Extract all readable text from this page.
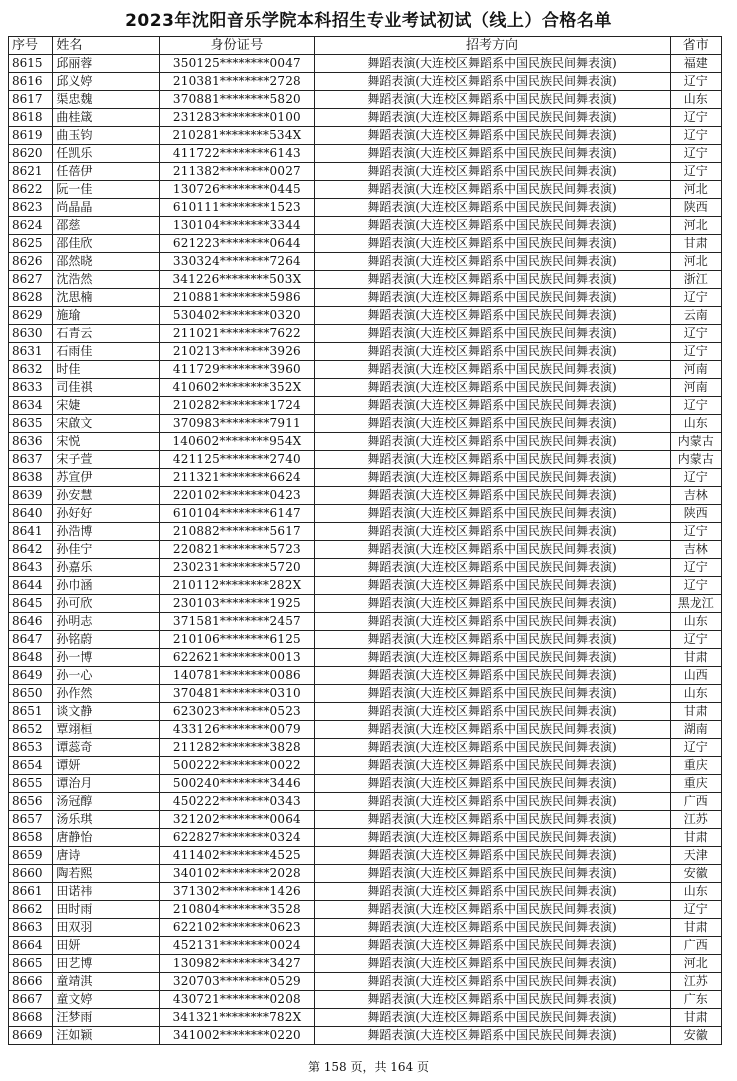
2023年沈阳音乐学院本科招生专业考试初试（线上）合格名单
序号	姓名	身份证号	招考方向	省市
8615	邱丽蓉	350125********0047	舞蹈表演(大连校区舞蹈系中国民族民间舞表演)	福建
8616	邱义婷	210381********2728	舞蹈表演(大连校区舞蹈系中国民族民间舞表演)	辽宁
8617	渠忠魏	370881********5820	舞蹈表演(大连校区舞蹈系中国民族民间舞表演)	山东
8618	曲桂箴	231283********0100	舞蹈表演(大连校区舞蹈系中国民族民间舞表演)	辽宁
8619	曲玉钧	210281********534X	舞蹈表演(大连校区舞蹈系中国民族民间舞表演)	辽宁
8620	任凯乐	411722********6143	舞蹈表演(大连校区舞蹈系中国民族民间舞表演)	辽宁
8621	任蓓伊	211382********0027	舞蹈表演(大连校区舞蹈系中国民族民间舞表演)	辽宁
8622	阮一佳	130726********0445	舞蹈表演(大连校区舞蹈系中国民族民间舞表演)	河北
8623	尚晶晶	610111********1523	舞蹈表演(大连校区舞蹈系中国民族民间舞表演)	陕西
8624	邵慈	130104********3344	舞蹈表演(大连校区舞蹈系中国民族民间舞表演)	河北
8625	邵佳欣	621223********0644	舞蹈表演(大连校区舞蹈系中国民族民间舞表演)	甘肃
8626	邵然晓	330324********7264	舞蹈表演(大连校区舞蹈系中国民族民间舞表演)	河北
8627	沈浩然	341226********503X	舞蹈表演(大连校区舞蹈系中国民族民间舞表演)	浙江
8628	沈思楠	210881********5986	舞蹈表演(大连校区舞蹈系中国民族民间舞表演)	辽宁
8629	施瑜	530402********0320	舞蹈表演(大连校区舞蹈系中国民族民间舞表演)	云南
8630	石青云	211021********7622	舞蹈表演(大连校区舞蹈系中国民族民间舞表演)	辽宁
8631	石雨佳	210213********3926	舞蹈表演(大连校区舞蹈系中国民族民间舞表演)	辽宁
8632	时佳	411729********3960	舞蹈表演(大连校区舞蹈系中国民族民间舞表演)	河南
8633	司佳祺	410602********352X	舞蹈表演(大连校区舞蹈系中国民族民间舞表演)	河南
8634	宋婕	210282********1724	舞蹈表演(大连校区舞蹈系中国民族民间舞表演)	辽宁
8635	宋啟文	370983********7911	舞蹈表演(大连校区舞蹈系中国民族民间舞表演)	山东
8636	宋悦	140602********954X	舞蹈表演(大连校区舞蹈系中国民族民间舞表演)	内蒙古
8637	宋子萱	421125********2740	舞蹈表演(大连校区舞蹈系中国民族民间舞表演)	内蒙古
8638	苏宣伊	211321********6624	舞蹈表演(大连校区舞蹈系中国民族民间舞表演)	辽宁
8639	孙安慧	220102********0423	舞蹈表演(大连校区舞蹈系中国民族民间舞表演)	吉林
8640	孙好好	610104********6147	舞蹈表演(大连校区舞蹈系中国民族民间舞表演)	陕西
8641	孙浩博	210882********5617	舞蹈表演(大连校区舞蹈系中国民族民间舞表演)	辽宁
8642	孙佳宁	220821********5723	舞蹈表演(大连校区舞蹈系中国民族民间舞表演)	吉林
8643	孙嘉乐	230231********5720	舞蹈表演(大连校区舞蹈系中国民族民间舞表演)	辽宁
8644	孙巾涵	210112********282X	舞蹈表演(大连校区舞蹈系中国民族民间舞表演)	辽宁
8645	孙可欣	230103********1925	舞蹈表演(大连校区舞蹈系中国民族民间舞表演)	黑龙江
8646	孙明志	371581********2457	舞蹈表演(大连校区舞蹈系中国民族民间舞表演)	山东
8647	孙铭蔚	210106********6125	舞蹈表演(大连校区舞蹈系中国民族民间舞表演)	辽宁
8648	孙一博	622621********0013	舞蹈表演(大连校区舞蹈系中国民族民间舞表演)	甘肃
8649	孙一心	140781********0086	舞蹈表演(大连校区舞蹈系中国民族民间舞表演)	山西
8650	孙作然	370481********0310	舞蹈表演(大连校区舞蹈系中国民族民间舞表演)	山东
8651	谈文静	623023********0523	舞蹈表演(大连校区舞蹈系中国民族民间舞表演)	甘肃
8652	覃翊桓	433126********0079	舞蹈表演(大连校区舞蹈系中国民族民间舞表演)	湖南
8653	谭蕊奇	211282********3828	舞蹈表演(大连校区舞蹈系中国民族民间舞表演)	辽宁
8654	谭妍	500222********0022	舞蹈表演(大连校区舞蹈系中国民族民间舞表演)	重庆
8655	谭治月	500240********3446	舞蹈表演(大连校区舞蹈系中国民族民间舞表演)	重庆
8656	汤冠醇	450222********0343	舞蹈表演(大连校区舞蹈系中国民族民间舞表演)	广西
8657	汤乐琪	321202********0064	舞蹈表演(大连校区舞蹈系中国民族民间舞表演)	江苏
8658	唐静怡	622827********0324	舞蹈表演(大连校区舞蹈系中国民族民间舞表演)	甘肃
8659	唐诗	411402********4525	舞蹈表演(大连校区舞蹈系中国民族民间舞表演)	天津
8660	陶若熙	340102********2028	舞蹈表演(大连校区舞蹈系中国民族民间舞表演)	安徽
8661	田诺祎	371302********1426	舞蹈表演(大连校区舞蹈系中国民族民间舞表演)	山东
8662	田时雨	210804********3528	舞蹈表演(大连校区舞蹈系中国民族民间舞表演)	辽宁
8663	田双羽	622102********0623	舞蹈表演(大连校区舞蹈系中国民族民间舞表演)	甘肃
8664	田妍	452131********0024	舞蹈表演(大连校区舞蹈系中国民族民间舞表演)	广西
8665	田艺博	130982********3427	舞蹈表演(大连校区舞蹈系中国民族民间舞表演)	河北
8666	童靖淇	320703********0529	舞蹈表演(大连校区舞蹈系中国民族民间舞表演)	江苏
8667	童文婷	430721********0208	舞蹈表演(大连校区舞蹈系中国民族民间舞表演)	广东
8668	汪梦雨	341321********782X	舞蹈表演(大连校区舞蹈系中国民族民间舞表演)	甘肃
8669	汪如颖	341002********0220	舞蹈表演(大连校区舞蹈系中国民族民间舞表演)	安徽
第 158 页，共 164 页
